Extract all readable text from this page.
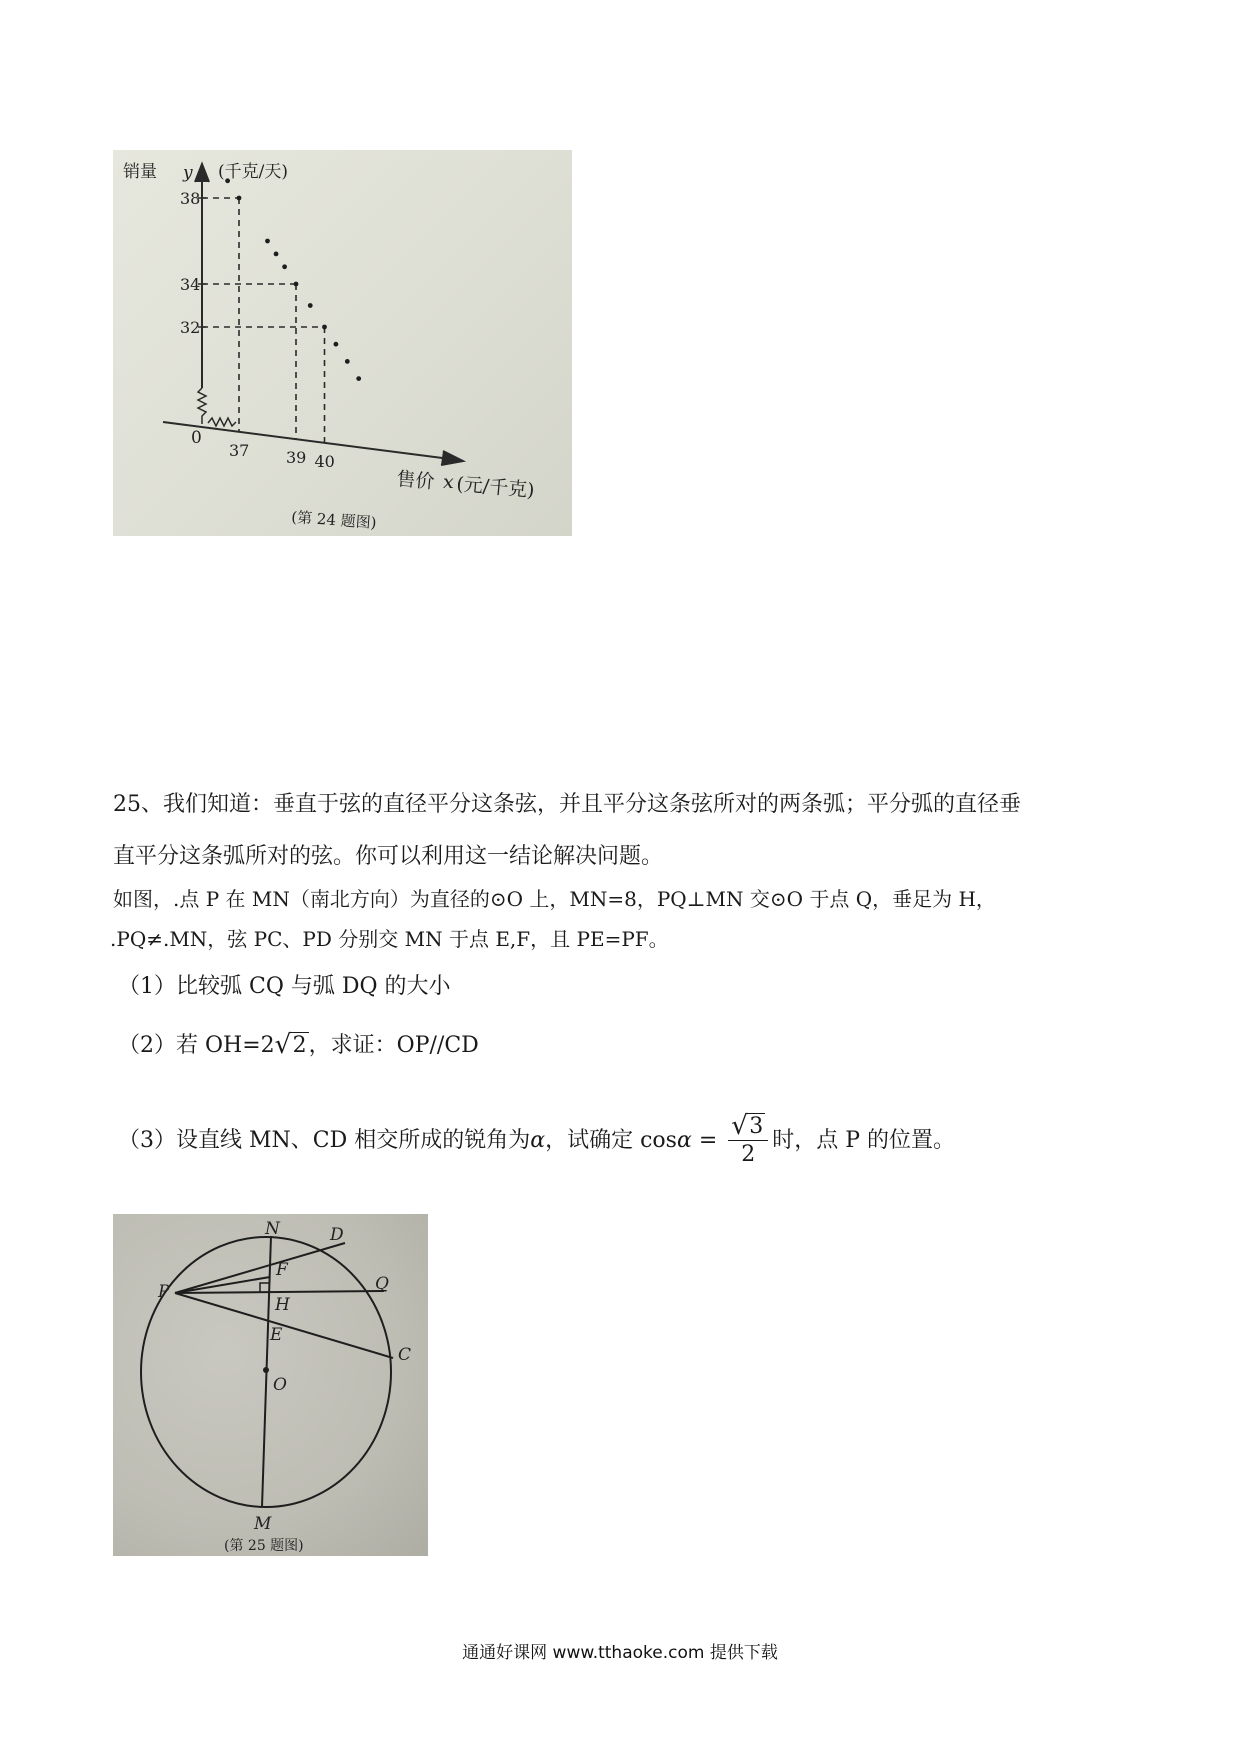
38
34
32
37 39 40
销量 y (千克/天)
0
售价 x (元/千克)
(第 24 题图)
25、我们知道：垂直于弦的直径平分这条弦，并且平分这条弦所对的两条弧；平分弧的直径垂
直平分这条弧所对的弦。你可以利用这一结论解决问题。
如图，.点 P 在 MN（南北方向）为直径的⊙O 上，MN=8，PQ⊥MN 交⊙O 于点 Q，垂足为 H，
.PQ≠.MN，弦 PC、PD 分别交 MN 于点 E,F，且 PE=PF。
（1）比较弧 CQ 与弧 DQ 的大小
（2）若 OH=2 √ 2，求证：OP//CD
（3）设直线 MN、CD 相交所成的锐角为α，试确定 cosα = √ $\frac{3}{2}$ 时，点 P 的位置。
N	D
F
P	Q
H
E
C
O
M
(第 25 题图)
通通好课网 www.tthaoke.com 提供下载
